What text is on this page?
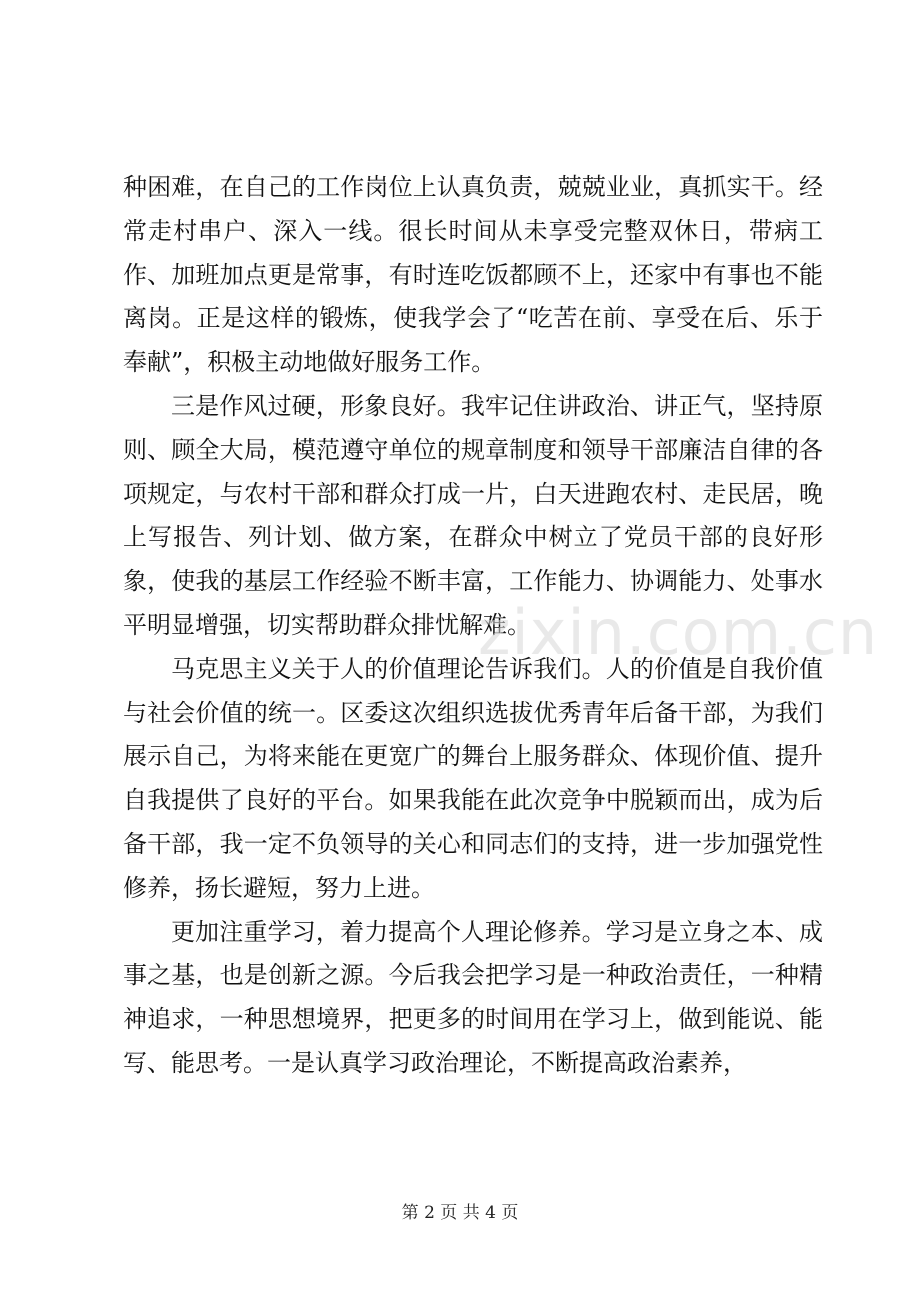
种困难，在自己的工作岗位上认真负责，兢兢业业，真抓实干。经常走村串户、深入一线。很长时间从未享受完整双休日，带病工作、加班加点更是常事，有时连吃饭都顾不上，还家中有事也不能离岗。正是这样的锻炼，使我学会了“吃苦在前、享受在后、乐于奉献”，积极主动地做好服务工作。

三是作风过硬，形象良好。我牢记住讲政治、讲正气，坚持原则、顾全大局，模范遵守单位的规章制度和领导干部廉洁自律的各项规定，与农村干部和群众打成一片，白天进跑农村、走民居，晚上写报告、列计划、做方案，在群众中树立了党员干部的良好形象，使我的基层工作经验不断丰富，工作能力、协调能力、处事水平明显增强，切实帮助群众排忧解难。

马克思主义关于人的价值理论告诉我们。人的价值是自我价值与社会价值的统一。区委这次组织选拔优秀青年后备干部，为我们展示自己，为将来能在更宽广的舞台上服务群众、体现价值、提升自我提供了良好的平台。如果我能在此次竞争中脱颖而出，成为后备干部，我一定不负领导的关心和同志们的支持，进一步加强党性修养，扬长避短，努力上进。

更加注重学习，着力提高个人理论修养。学习是立身之本、成事之基，也是创新之源。今后我会把学习是一种政治责任，一种精神追求，一种思想境界，把更多的时间用在学习上，做到能说、能写、能思考。一是认真学习政治理论，不断提高政治素养，

zixin.com.cn
第 2 页 共 4 页
